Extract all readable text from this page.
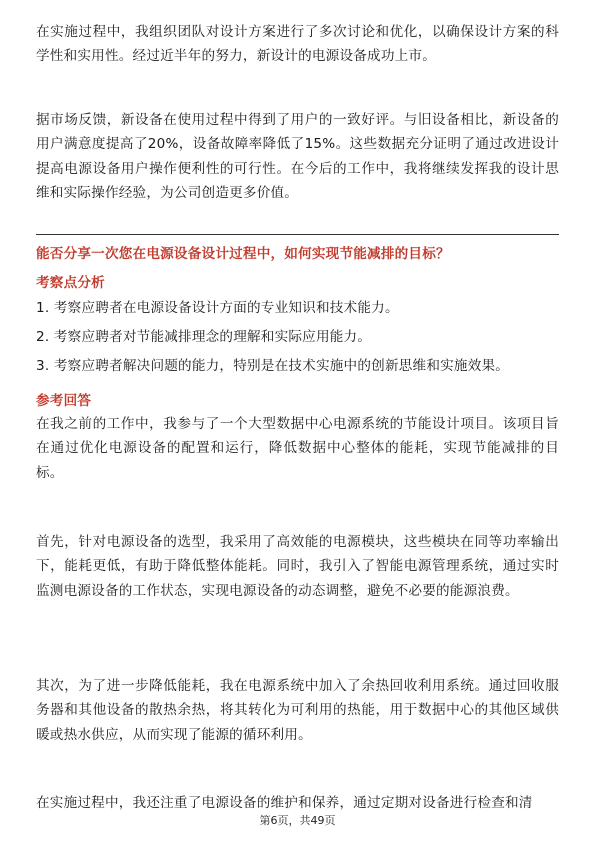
在实施过程中，我组织团队对设计方案进行了多次讨论和优化，以确保设计方案的科学性和实用性。经过近半年的努力，新设计的电源设备成功上市。

据市场反馈，新设备在使用过程中得到了用户的一致好评。与旧设备相比，新设备的用户满意度提高了20%，设备故障率降低了15%。这些数据充分证明了通过改进设计提高电源设备用户操作便利性的可行性。在今后的工作中，我将继续发挥我的设计思维和实际操作经验，为公司创造更多价值。

能否分享一次您在电源设备设计过程中，如何实现节能减排的目标？

考察点分析

1. 考察应聘者在电源设备设计方面的专业知识和技术能力。

2. 考察应聘者对节能减排理念的理解和实际应用能力。

3. 考察应聘者解决问题的能力，特别是在技术实施中的创新思维和实施效果。

参考回答

在我之前的工作中，我参与了一个大型数据中心电源系统的节能设计项目。该项目旨在通过优化电源设备的配置和运行，降低数据中心整体的能耗，实现节能减排的目标。

首先，针对电源设备的选型，我采用了高效能的电源模块，这些模块在同等功率输出下，能耗更低，有助于降低整体能耗。同时，我引入了智能电源管理系统，通过实时监测电源设备的工作状态，实现电源设备的动态调整，避免不必要的能源浪费。

其次，为了进一步降低能耗，我在电源系统中加入了余热回收利用系统。通过回收服务器和其他设备的散热余热，将其转化为可利用的热能，用于数据中心的其他区域供暖或热水供应，从而实现了能源的循环利用。

在实施过程中，我还注重了电源设备的维护和保养，通过定期对设备进行检查和清

第6页，共49页
